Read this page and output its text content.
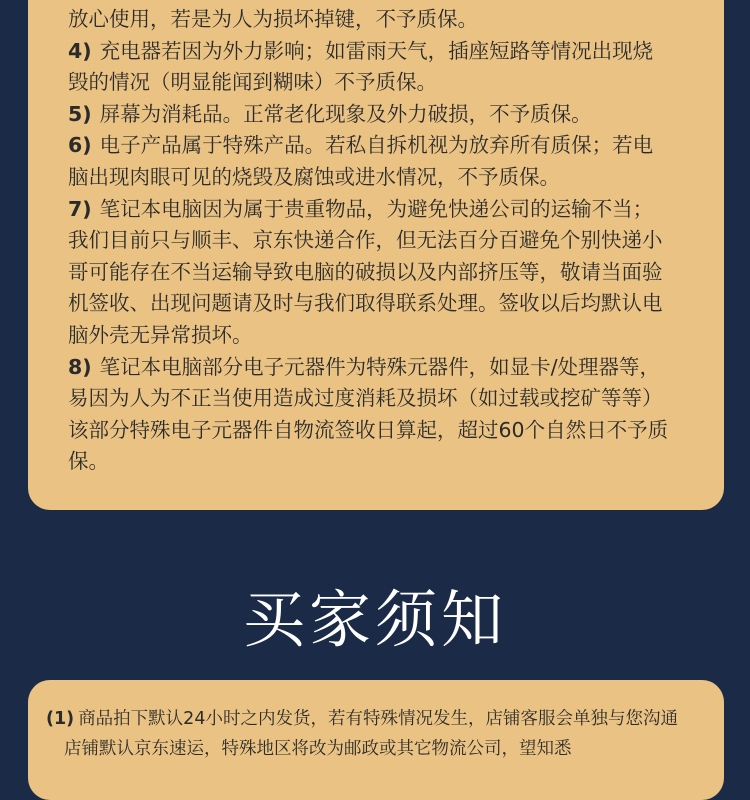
放心使用，若是为人为损坏掉键，不予质保。
4) 充电器若因为外力影响；如雷雨天气，插座短路等情况出现烧
毁的情况（明显能闻到糊味）不予质保。
5) 屏幕为消耗品。正常老化现象及外力破损，不予质保。
6) 电子产品属于特殊产品。若私自拆机视为放弃所有质保；若电
脑出现肉眼可见的烧毁及腐蚀或进水情况，不予质保。
7) 笔记本电脑因为属于贵重物品，为避免快递公司的运输不当；
我们目前只与顺丰、京东快递合作，但无法百分百避免个别快递小
哥可能存在不当运输导致电脑的破损以及内部挤压等，敬请当面验
机签收、出现问题请及时与我们取得联系处理。签收以后均默认电
脑外壳无异常损坏。
8) 笔记本电脑部分电子元器件为特殊元器件，如显卡/处理器等，
易因为人为不正当使用造成过度消耗及损坏（如过载或挖矿等等）
该部分特殊电子元器件自物流签收日算起，超过60个自然日不予质
保。
买家须知
(1) 商品拍下默认24小时之内发货，若有特殊情况发生，店铺客服会单独与您沟通
店铺默认京东速运，特殊地区将改为邮政或其它物流公司，望知悉
